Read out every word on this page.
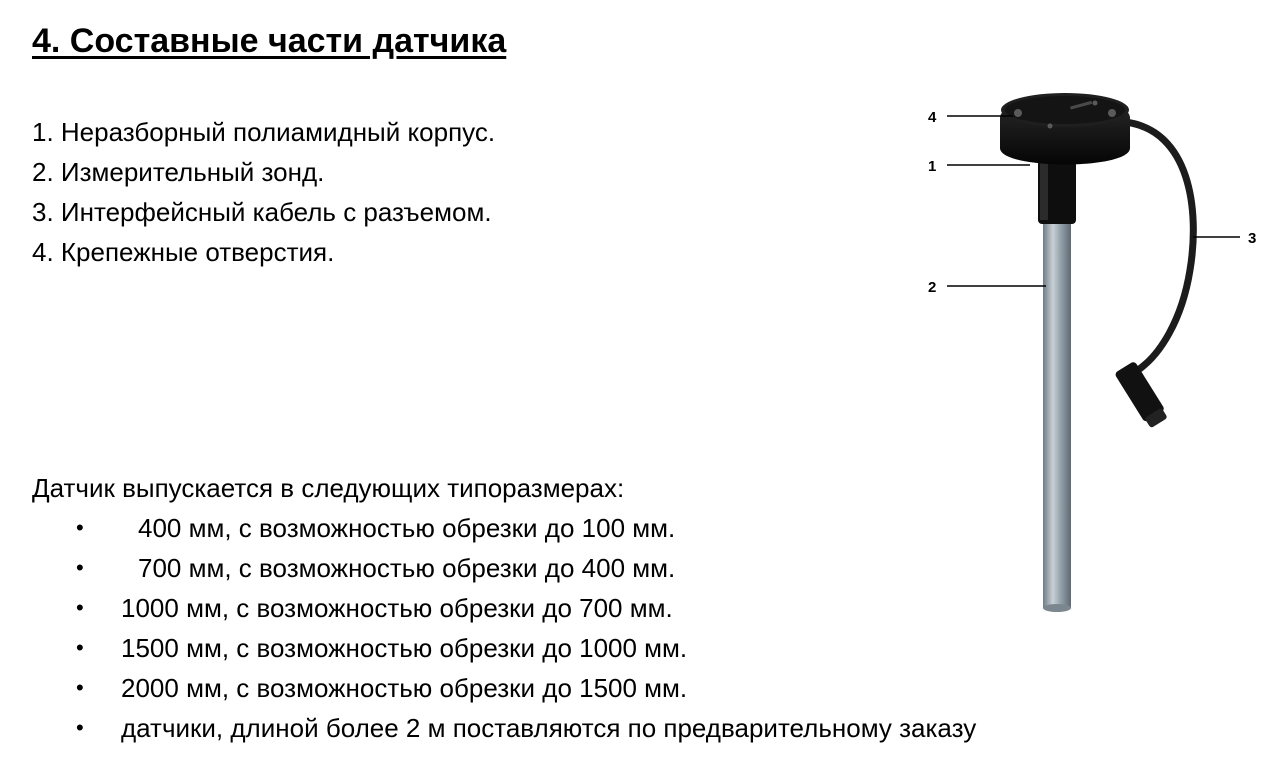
4. Составные части датчика
1. Неразборный полиамидный корпус.
2. Измерительный зонд.
3. Интерфейсный кабель с разъемом.
4. Крепежные отверстия.

Датчик выпускается в следующих типоразмерах:

• 400 мм, с возможностью обрезки до 100 мм.
• 700 мм, с возможностью обрезки до 400 мм.
• 1000 мм, с возможностью обрезки до 700 мм.
• 1500 мм, с возможностью обрезки до 1000 мм.
• 2000 мм, с возможностью обрезки до 1500 мм.
• датчики, длиной более 2 м поставляются по предварительному заказу
4
1
2
3
